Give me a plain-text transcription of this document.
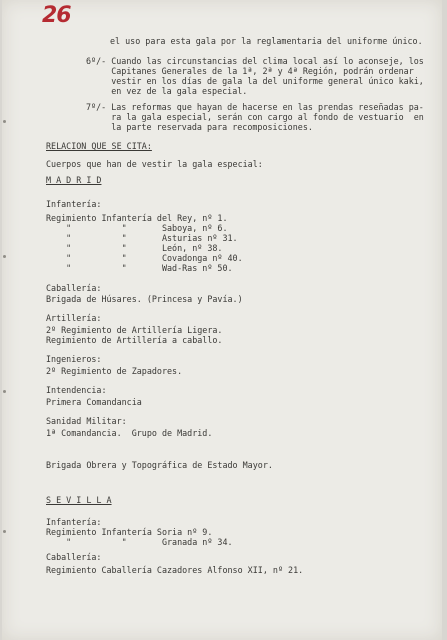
26
el uso para esta gala por la reglamentaria del uniforme único.
6º/- Cuando las circunstancias del clima local así lo aconseje, los
Capitanes Generales de la 1ª, 2ª y 4ª Región, podrán ordenar
vestir en los días de gala la del uniforme general único kaki,
en vez de la gala especial.
7º/- Las reformas que hayan de hacerse en las prendas reseñadas pa-
ra la gala especial, serán con cargo al fondo de vestuario  en
la parte reservada para recomposiciones.
RELACION QUE SE CITA:
Cuerpos que han de vestir la gala especial:
M A D R I D
Infantería:
Regimiento Infantería del Rey, nº 1.
"          "       Saboya, nº 6.
"          "       Asturias nº 31.
"          "       León, nº 38.
"          "       Covadonga nº 40.
"          "       Wad-Ras nº 50.
Caballería:
Brigada de Húsares. (Princesa y Pavía.)
Artillería:
2º Regimiento de Artillería Ligera.
Regimiento de Artillería a caballo.
Ingenieros:
2º Regimiento de Zapadores.
Intendencia:
Primera Comandancia
Sanidad Militar:
1ª Comandancia.  Grupo de Madrid.
Brigada Obrera y Topográfica de Estado Mayor.
S E V I L L A
Infantería:
Regimiento Infantería Soria nº 9.
"          "       Granada nº 34.
Caballería:
Regimiento Caballería Cazadores Alfonso XII, nº 21.
